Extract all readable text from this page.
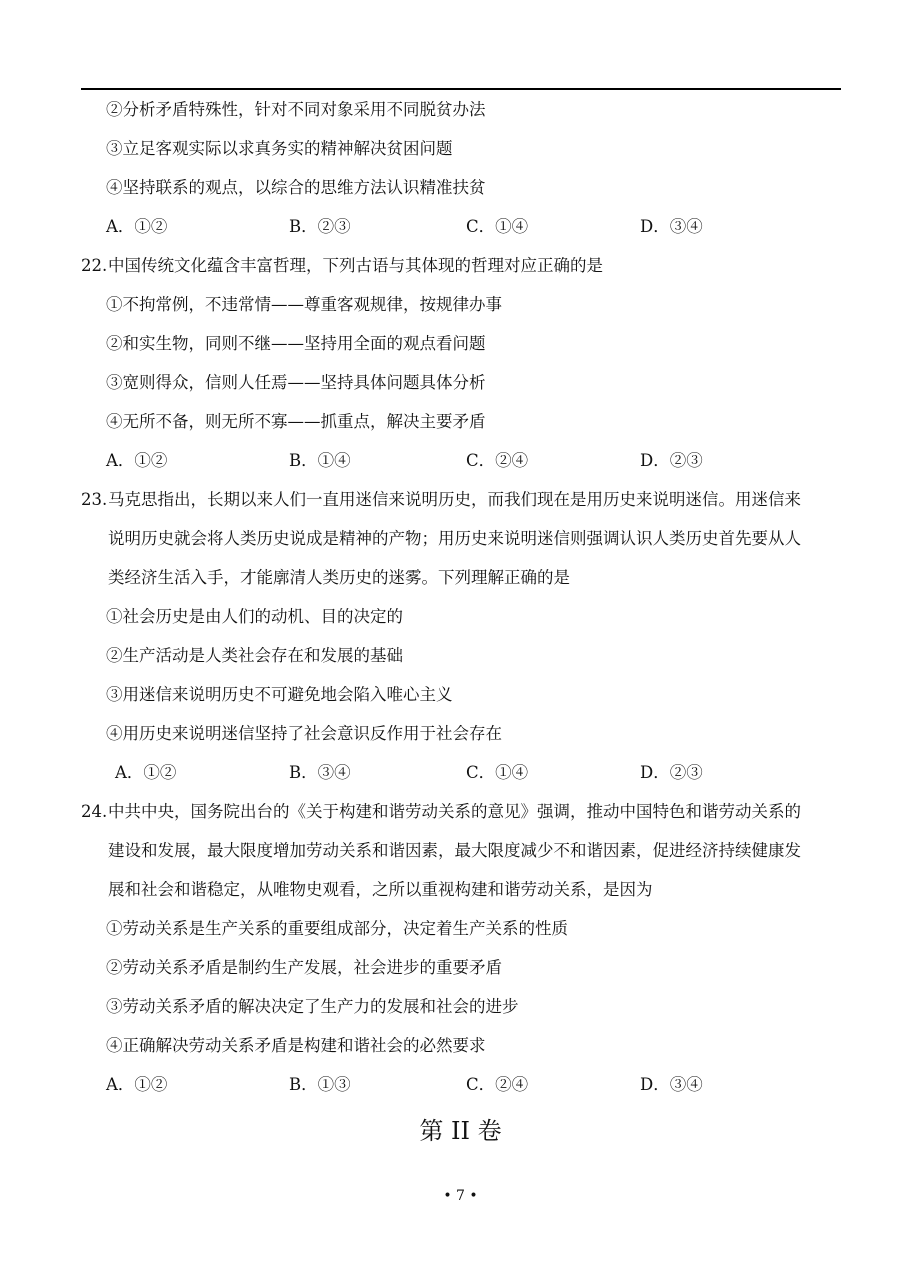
②分析矛盾特殊性，针对不同对象采用不同脱贫办法
③立足客观实际以求真务实的精神解决贫困问题
④坚持联系的观点，以综合的思维方法认识精准扶贫
A．①②	B．②③	C．①④	D．③④
22. 中国传统文化蕴含丰富哲理，下列古语与其体现的哲理对应正确的是
①不拘常例，不违常情——尊重客观规律，按规律办事
②和实生物，同则不继——坚持用全面的观点看问题
③宽则得众，信则人任焉——坚持具体问题具体分析
④无所不备，则无所不寡——抓重点，解决主要矛盾
A．①②	B．①④	C．②④	D．②③
23. 马克思指出，长期以来人们一直用迷信来说明历史，而我们现在是用历史来说明迷信。用迷信来
说明历史就会将人类历史说成是精神的产物；用历史来说明迷信则强调认识人类历史首先要从人
类经济生活入手，才能廓清人类历史的迷雾。下列理解正确的是
①社会历史是由人们的动机、目的决定的
②生产活动是人类社会存在和发展的基础
③用迷信来说明历史不可避免地会陷入唯心主义
④用历史来说明迷信坚持了社会意识反作用于社会存在
A．①②	B．③④	C．①④	D．②③
24. 中共中央，国务院出台的《关于构建和谐劳动关系的意见》强调，推动中国特色和谐劳动关系的
建设和发展，最大限度增加劳动关系和谐因素，最大限度减少不和谐因素，促进经济持续健康发
展和社会和谐稳定，从唯物史观看，之所以重视构建和谐劳动关系，是因为
①劳动关系是生产关系的重要组成部分，决定着生产关系的性质
②劳动关系矛盾是制约生产发展，社会进步的重要矛盾
③劳动关系矛盾的解决决定了生产力的发展和社会的进步
④正确解决劳动关系矛盾是构建和谐社会的必然要求
A．①②	B．①③	C．②④	D．③④
第 II 卷
• 7 •
